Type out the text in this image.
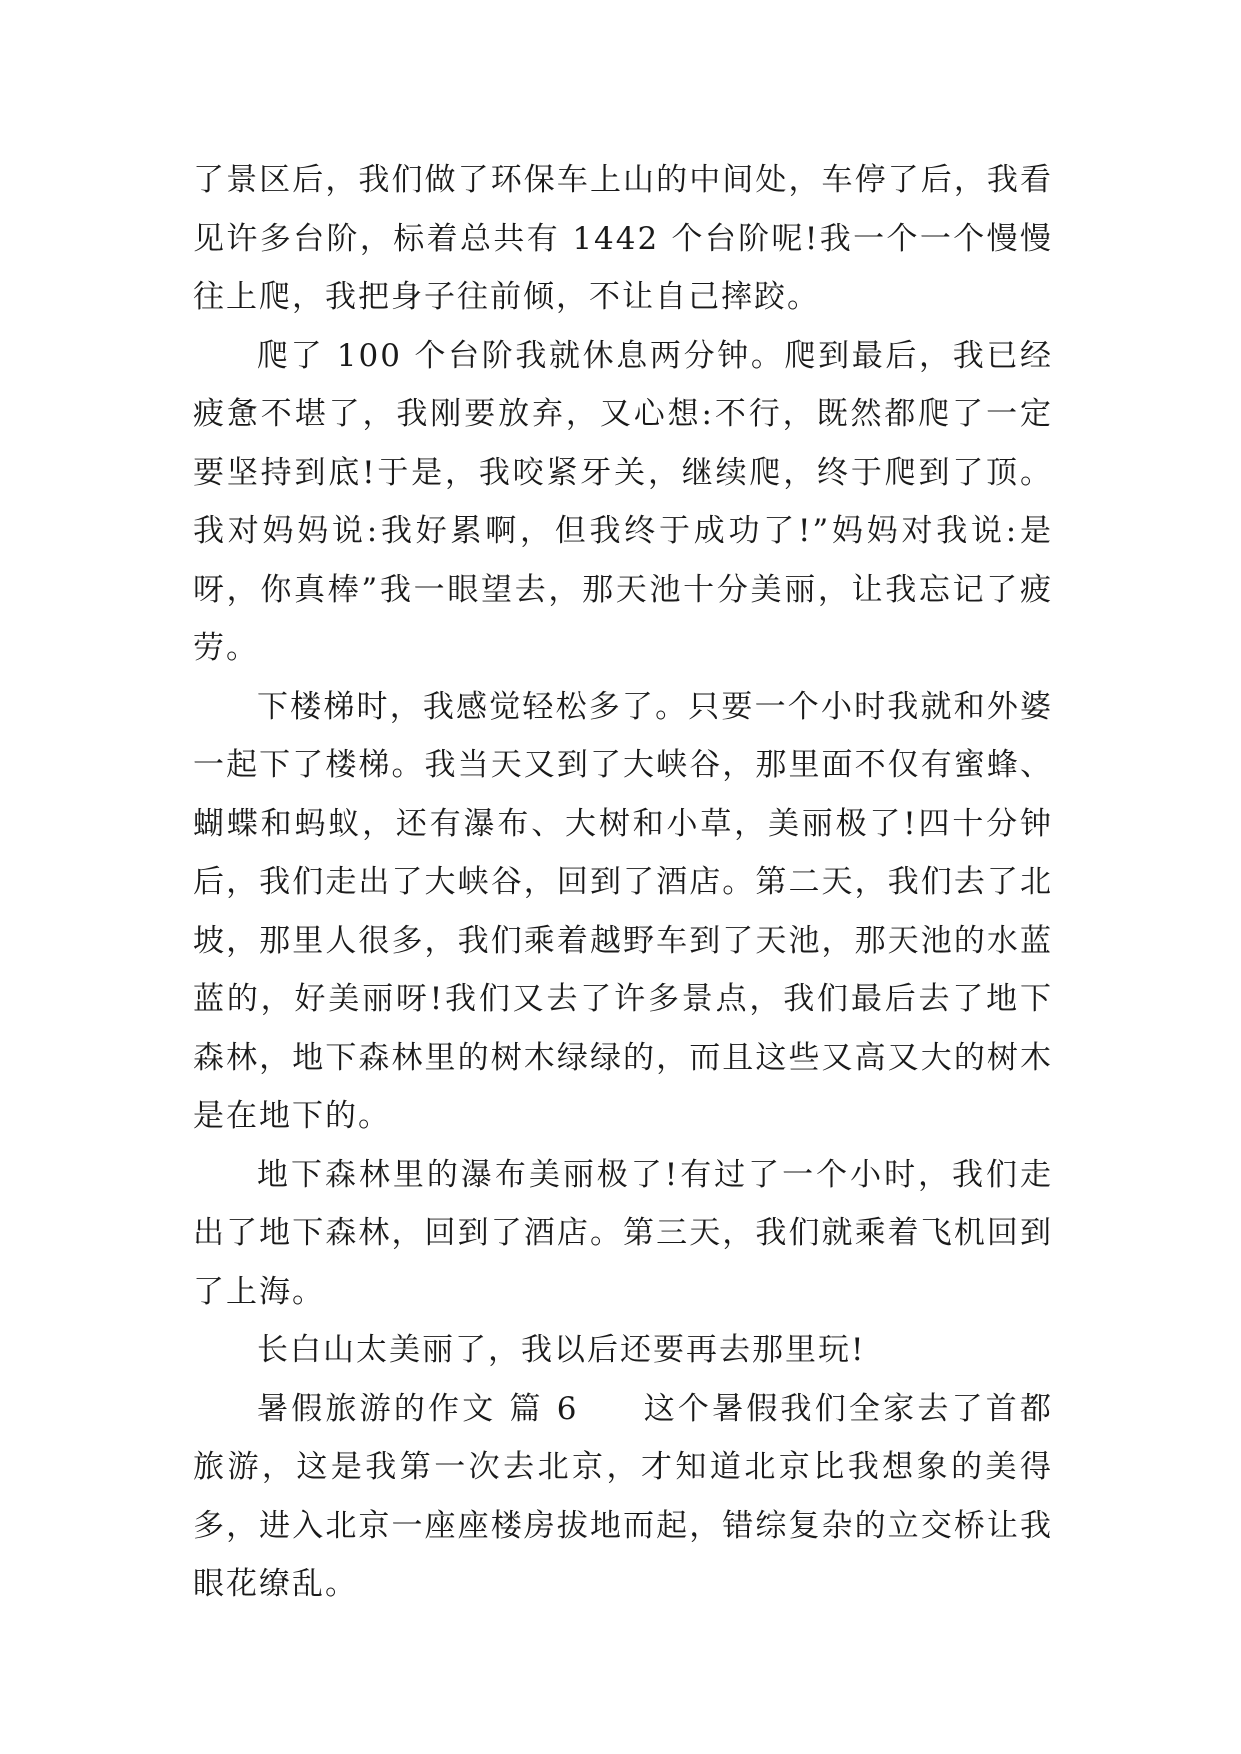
了景区后，我们做了环保车上山的中间处，车停了后，我看见许多台阶，标着总共有 1442 个台阶呢!我一个一个慢慢往上爬，我把身子往前倾，不让自己摔跤。

爬了 100 个台阶我就休息两分钟。爬到最后，我已经疲惫不堪了，我刚要放弃，又心想:不行，既然都爬了一定要坚持到底!于是，我咬紧牙关，继续爬，终于爬到了顶。我对妈妈说:我好累啊，但我终于成功了!”妈妈对我说:是呀，你真棒”我一眼望去，那天池十分美丽，让我忘记了疲劳。

下楼梯时，我感觉轻松多了。只要一个小时我就和外婆一起下了楼梯。我当天又到了大峡谷，那里面不仅有蜜蜂、蝴蝶和蚂蚁，还有瀑布、大树和小草，美丽极了!四十分钟后，我们走出了大峡谷，回到了酒店。第二天，我们去了北坡，那里人很多，我们乘着越野车到了天池，那天池的水蓝蓝的，好美丽呀!我们又去了许多景点，我们最后去了地下森林，地下森林里的树木绿绿的，而且这些又高又大的树木是在地下的。

地下森林里的瀑布美丽极了!有过了一个小时，我们走出了地下森林，回到了酒店。第三天，我们就乘着飞机回到了上海。

长白山太美丽了，我以后还要再去那里玩!

暑假旅游的作文 篇 6 这个暑假我们全家去了首都旅游，这是我第一次去北京，才知道北京比我想象的美得多，进入北京一座座楼房拔地而起，错综复杂的立交桥让我眼花缭乱。
